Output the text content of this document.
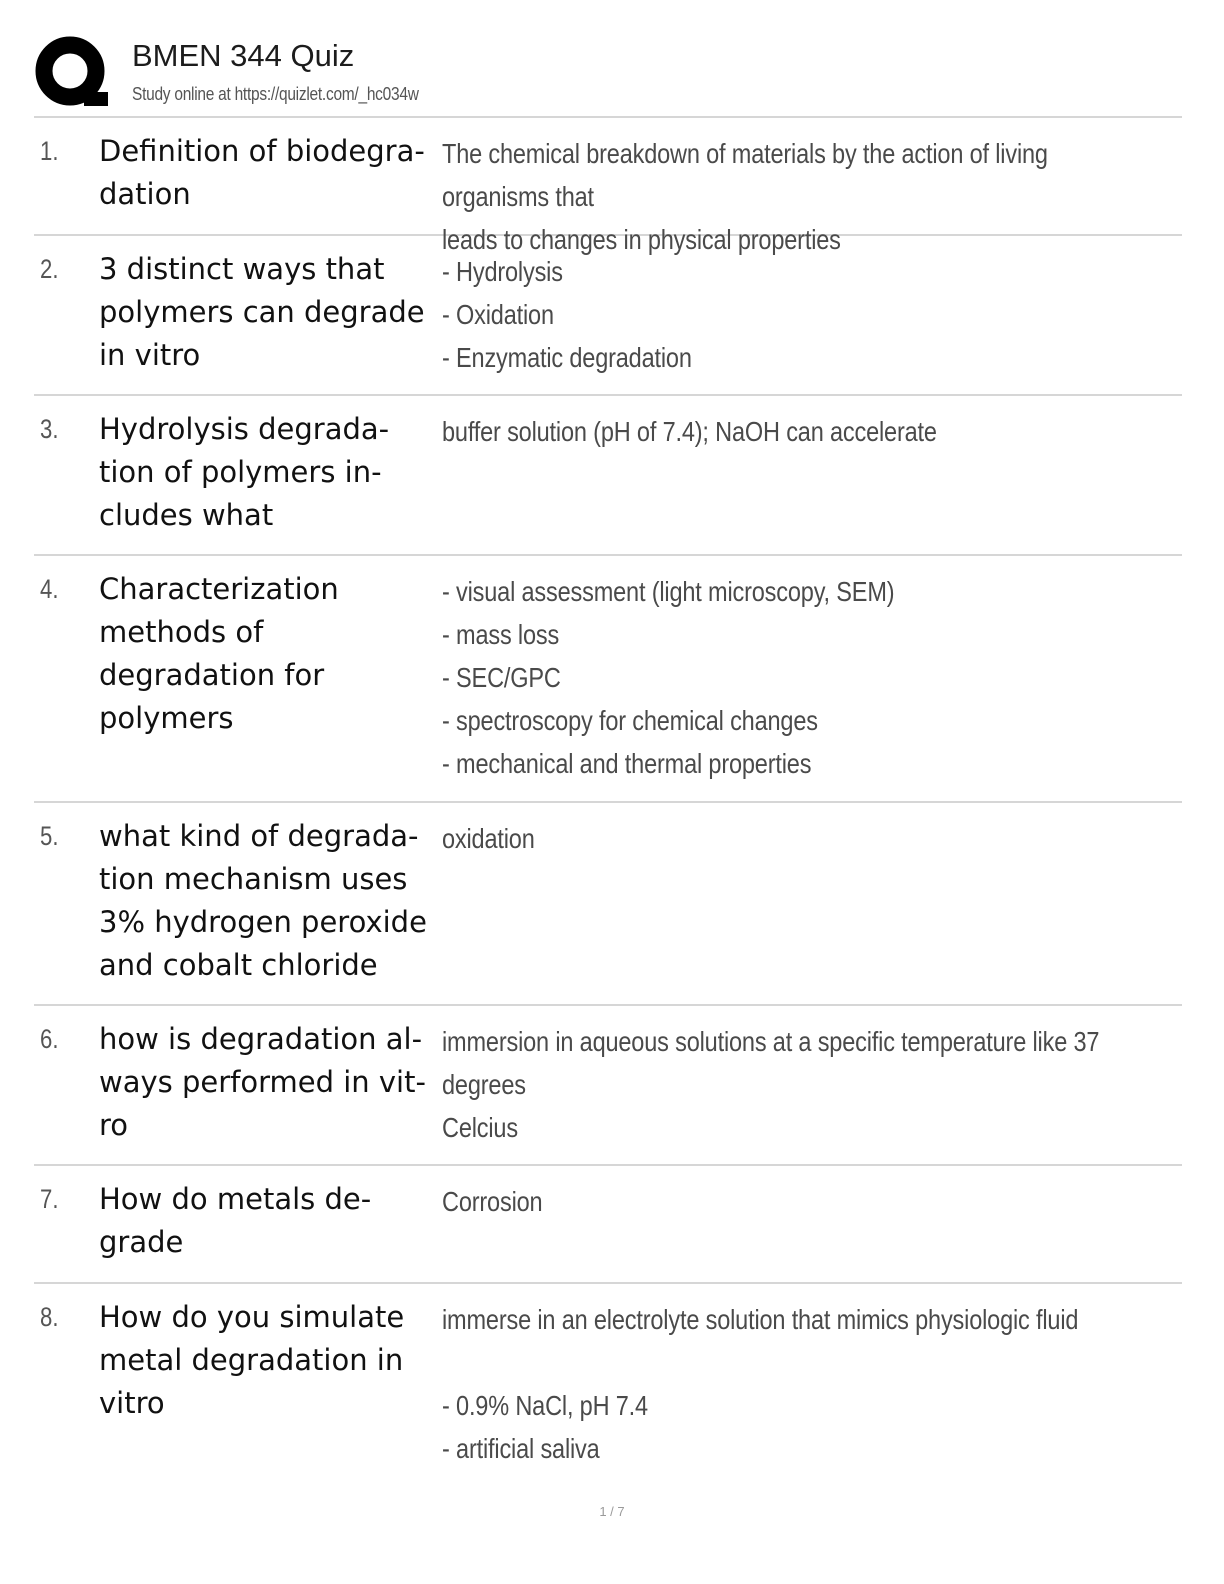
BMEN 344 Quiz
Study online at https://quizlet.com/_hc034w
1. Definition of biodegra-
dation
The chemical breakdown of materials by the action of living organisms that
leads to changes in physical properties
2. 3 distinct ways that
polymers can degrade
in vitro
- Hydrolysis
- Oxidation
- Enzymatic degradation
3. Hydrolysis degrada-
tion of polymers in-
cludes what
buffer solution (pH of 7.4); NaOH can accelerate
4. Characterization
methods of
degradation for
polymers
- visual assessment (light microscopy, SEM)
- mass loss
- SEC/GPC
- spectroscopy for chemical changes
- mechanical and thermal properties
5. what kind of degrada-
tion mechanism uses
3% hydrogen peroxide
and cobalt chloride
oxidation
6. how is degradation al-
ways performed in vit-
ro
immersion in aqueous solutions at a specific temperature like 37 degrees
Celcius
7. How do metals de-
grade
Corrosion
8. How do you simulate
metal degradation in
vitro
immerse in an electrolyte solution that mimics physiologic fluid

- 0.9% NaCl, pH 7.4
- artificial saliva
1 / 7
